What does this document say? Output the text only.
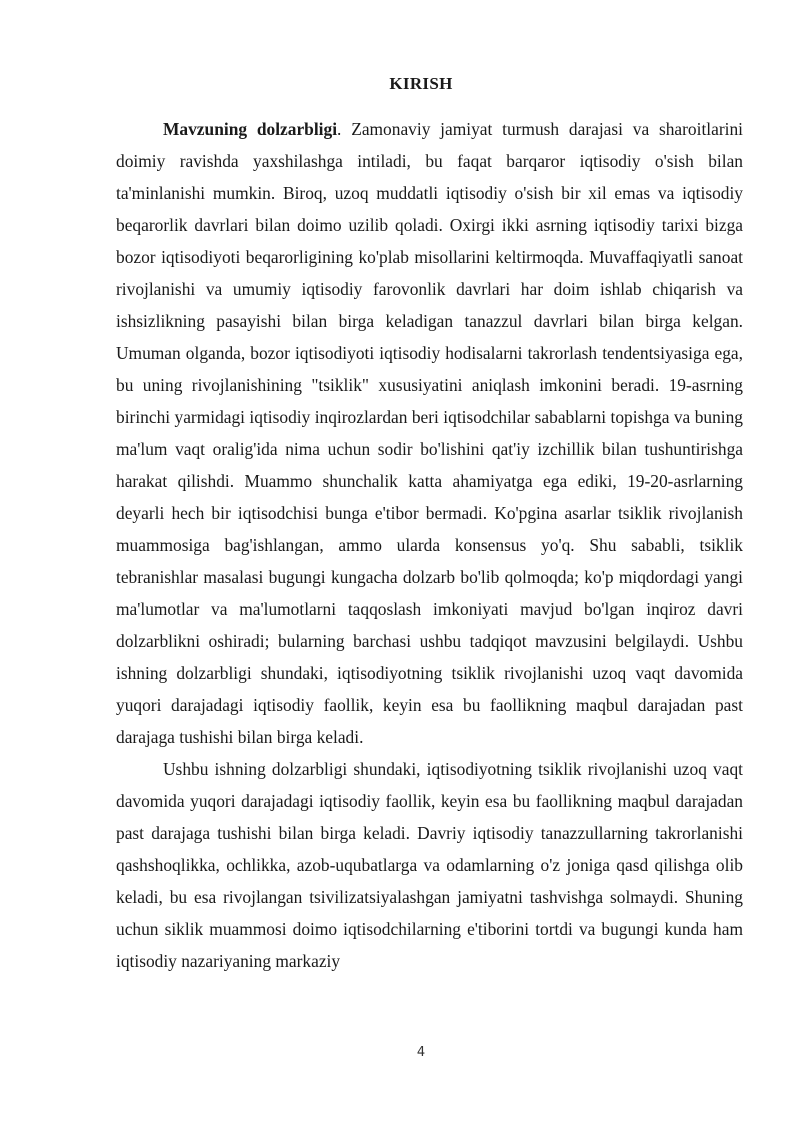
KIRISH

Mavzuning dolzarbligi. Zamonaviy jamiyat turmush darajasi va sharoitlarini doimiy ravishda yaxshilashga intiladi, bu faqat barqaror iqtisodiy o'sish bilan ta'minlanishi mumkin. Biroq, uzoq muddatli iqtisodiy o'sish bir xil emas va iqtisodiy beqarorlik davrlari bilan doimo uzilib qoladi. Oxirgi ikki asrning iqtisodiy tarixi bizga bozor iqtisodiyoti beqarorligining ko'plab misollarini keltirmoqda. Muvaffaqiyatli sanoat rivojlanishi va umumiy iqtisodiy farovonlik davrlari har doim ishlab chiqarish va ishsizlikning pasayishi bilan birga keladigan tanazzul davrlari bilan birga kelgan. Umuman olganda, bozor iqtisodiyoti iqtisodiy hodisalarni takrorlash tendentsiyasiga ega, bu uning rivojlanishining "tsiklik" xususiyatini aniqlash imkonini beradi. 19-asrning birinchi yarmidagi iqtisodiy inqirozlardan beri iqtisodchilar sabablarni topishga va buning ma'lum vaqt oralig'ida nima uchun sodir bo'lishini qat'iy izchillik bilan tushuntirishga harakat qilishdi. Muammo shunchalik katta ahamiyatga ega ediki, 19-20-asrlarning deyarli hech bir iqtisodchisi bunga e'tibor bermadi. Ko'pgina asarlar tsiklik rivojlanish muammosiga bag'ishlangan, ammo ularda konsensus yo'q. Shu sababli, tsiklik tebranishlar masalasi bugungi kungacha dolzarb bo'lib qolmoqda; ko'p miqdordagi yangi ma'lumotlar va ma'lumotlarni taqqoslash imkoniyati mavjud bo'lgan inqiroz davri dolzarblikni oshiradi; bularning barchasi ushbu tadqiqot mavzusini belgilaydi. Ushbu ishning dolzarbligi shundaki, iqtisodiyotning tsiklik rivojlanishi uzoq vaqt davomida yuqori darajadagi iqtisodiy faollik, keyin esa bu faollikning maqbul darajadan past darajaga tushishi bilan birga keladi.

Ushbu ishning dolzarbligi shundaki, iqtisodiyotning tsiklik rivojlanishi uzoq vaqt davomida yuqori darajadagi iqtisodiy faollik, keyin esa bu faollikning maqbul darajadan past darajaga tushishi bilan birga keladi. Davriy iqtisodiy tanazzullarning takrorlanishi qashshoqlikka, ochlikka, azob-uqubatlarga va odamlarning o'z joniga qasd qilishga olib keladi, bu esa rivojlangan tsivilizatsiyalashgan jamiyatni tashvishga solmaydi. Shuning uchun siklik muammosi doimo iqtisodchilarning e'tiborini tortdi va bugungi kunda ham iqtisodiy nazariyaning markaziy

4
